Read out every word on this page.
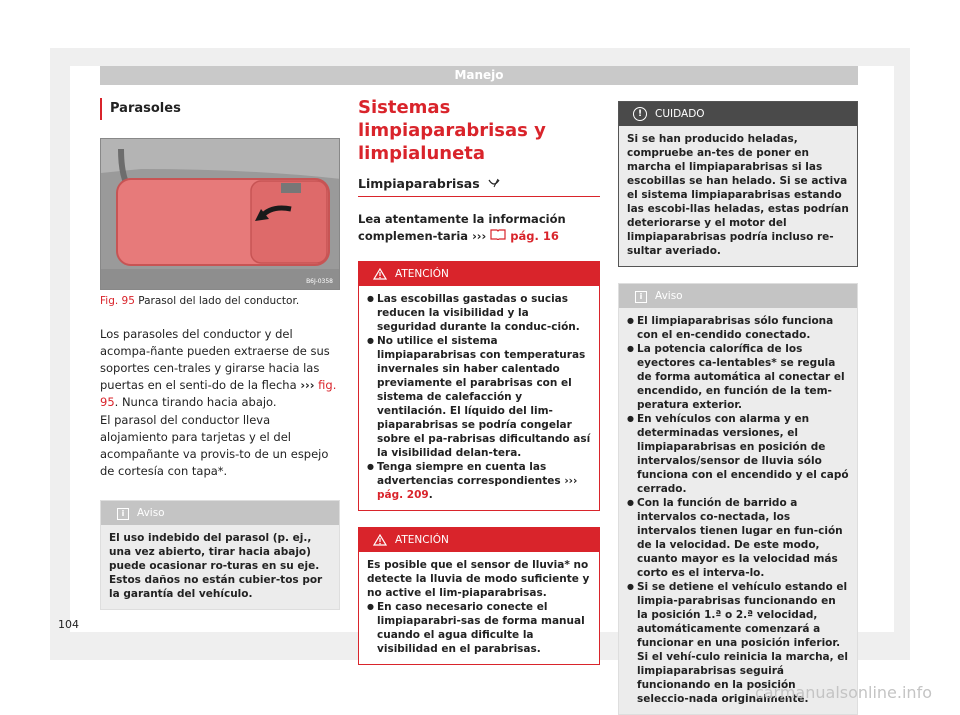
Manejo
Parasoles
B6J-0358
Fig. 95 Parasol del lado del conductor.

Los parasoles del conductor y del acompa-ñante pueden extraerse de sus soportes cen-trales y girarse hacia las puertas en el senti-do de la flecha ››› fig. 95. Nunca tirando hacia abajo.

El parasol del conductor lleva alojamiento para tarjetas y el del acompañante va provis-to de un espejo de cortesía con tapa*.

i	Aviso
El uso indebido del parasol (p. ej., una vez abierto, tirar hacia abajo) puede ocasionar ro-turas en su eje. Estos daños no están cubier-tos por la garantía del vehículo.
Sistemas limpiaparabrisas y limpialuneta
Limpiaparabrisas

Lea atentamente la información complemen-taria ›››  pág. 16

ATENCIÓN
● Las escobillas gastadas o sucias reducen la visibilidad y la seguridad durante la conduc-ción.
● No utilice el sistema limpiaparabrisas con temperaturas invernales sin haber calentado previamente el parabrisas con el sistema de calefacción y ventilación. El líquido del lim-piaparabrisas se podría congelar sobre el pa-rabrisas dificultando así la visibilidad delan-tera.
● Tenga siempre en cuenta las advertencias correspondientes ››› pág. 209.
ATENCIÓN
Es posible que el sensor de lluvia* no detecte la lluvia de modo suficiente y no active el lim-piaparabrisas.
● En caso necesario conecte el limpiaparabri-sas de forma manual cuando el agua dificulte la visibilidad en el parabrisas.
!	CUIDADO
Si se han producido heladas, compruebe an-tes de poner en marcha el limpiaparabrisas si las escobillas se han helado. Si se activa el sistema limpiaparabrisas estando las escobi-llas heladas, estas podrían deteriorarse y el motor del limpiaparabrisas podría incluso re-sultar averiado.
i	Aviso
● El limpiaparabrisas sólo funciona con el en-cendido conectado.
● La potencia calorífica de los eyectores ca-lentables* se regula de forma automática al conectar el encendido, en función de la tem-peratura exterior.
● En vehículos con alarma y en determinadas versiones, el limpiaparabrisas en posición de intervalos/sensor de lluvia sólo funciona con el encendido y el capó cerrado.
● Con la función de barrido a intervalos co-nectada, los intervalos tienen lugar en fun-ción de la velocidad. De este modo, cuanto mayor es la velocidad más corto es el interva-lo.
● Si se detiene el vehículo estando el limpia-parabrisas funcionando en la posición 1.ª o 2.ª velocidad, automáticamente comenzará a funcionar en una posición inferior. Si el vehí-culo reinicia la marcha, el limpiaparabrisas seguirá funcionando en la posición seleccio-nada originalmente.
104
carmanualsonline.info
